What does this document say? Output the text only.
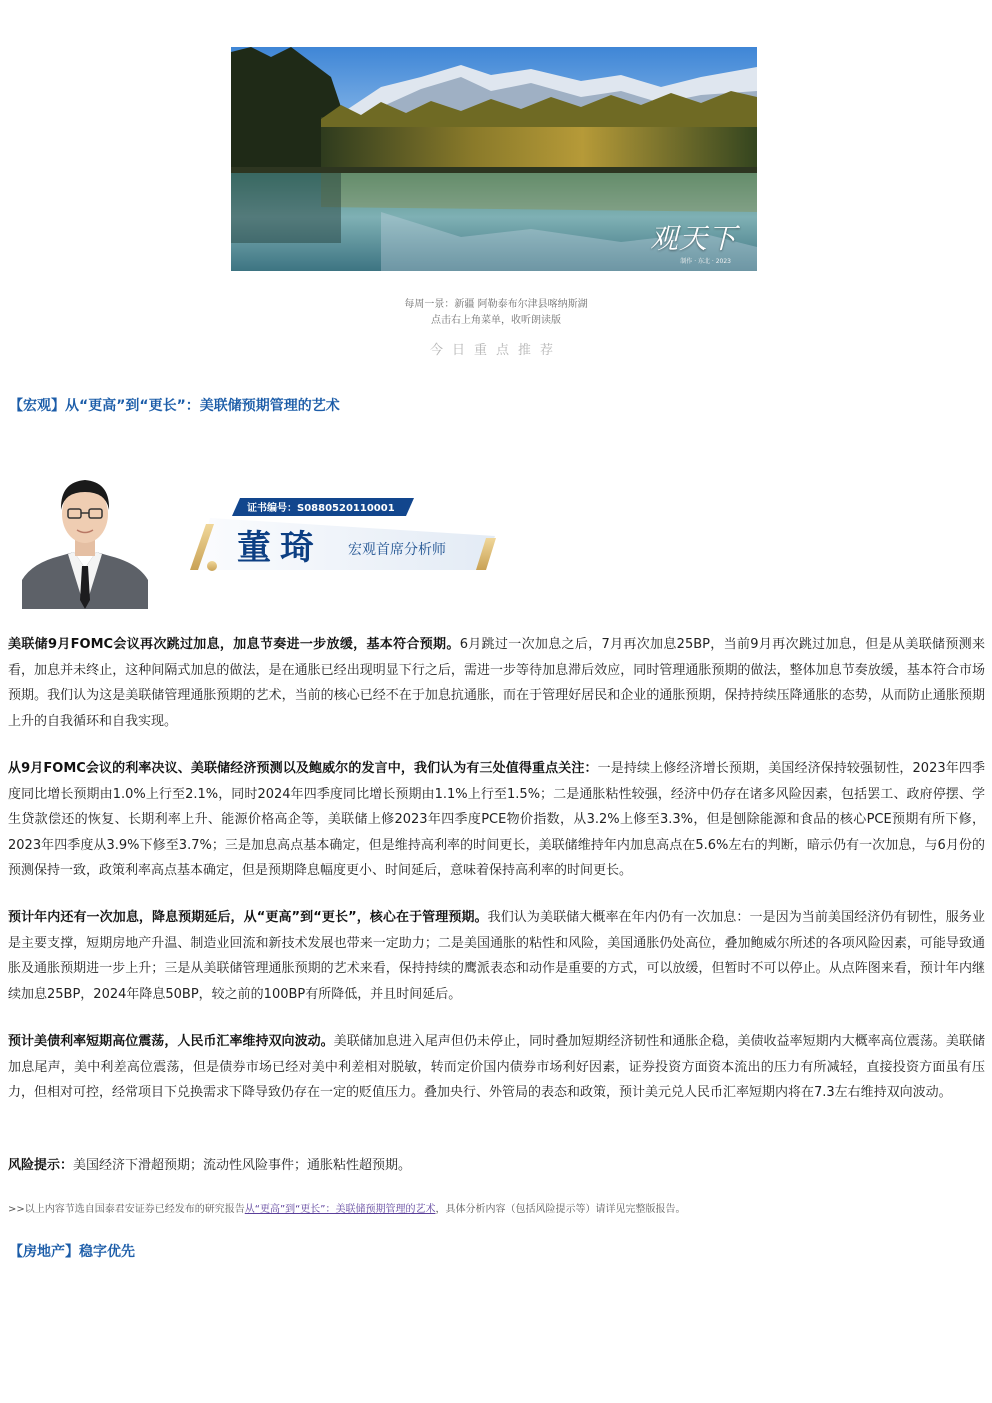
观天下
制作 · 东北 · 2023
每周一景：新疆 阿勒泰布尔津县喀纳斯湖
点击右上角菜单，收听朗读版
今日重点推荐
【宏观】从“更高”到“更长”：美联储预期管理的艺术
证书编号：S0880520110001
董琦 宏观首席分析师

美联储9月FOMC会议再次跳过加息，加息节奏进一步放缓，基本符合预期。6月跳过一次加息之后，7月再次加息25BP，当前9月再次跳过加息，但是从美联储预测来看，加息并未终止，这种间隔式加息的做法，是在通胀已经出现明显下行之后，需进一步等待加息滞后效应，同时管理通胀预期的做法，整体加息节奏放缓，基本符合市场预期。我们认为这是美联储管理通胀预期的艺术，当前的核心已经不在于加息抗通胀，而在于管理好居民和企业的通胀预期，保持持续压降通胀的态势，从而防止通胀预期上升的自我循环和自我实现。

从9月FOMC会议的利率决议、美联储经济预测以及鲍威尔的发言中，我们认为有三处值得重点关注：一是持续上修经济增长预期，美国经济保持较强韧性，2023年四季度同比增长预期由1.0%上行至2.1%，同时2024年四季度同比增长预期由1.1%上行至1.5%；二是通胀粘性较强，经济中仍存在诸多风险因素，包括罢工、政府停摆、学生贷款偿还的恢复、长期利率上升、能源价格高企等，美联储上修2023年四季度PCE物价指数，从3.2%上修至3.3%，但是刨除能源和食品的核心PCE预期有所下修，2023年四季度从3.9%下修至3.7%；三是加息高点基本确定，但是维持高利率的时间更长，美联储维持年内加息高点在5.6%左右的判断，暗示仍有一次加息，与6月份的预测保持一致，政策利率高点基本确定，但是预期降息幅度更小、时间延后，意味着保持高利率的时间更长。

预计年内还有一次加息，降息预期延后，从“更高”到“更长”，核心在于管理预期。我们认为美联储大概率在年内仍有一次加息：一是因为当前美国经济仍有韧性，服务业是主要支撑，短期房地产升温、制造业回流和新技术发展也带来一定助力；二是美国通胀的粘性和风险，美国通胀仍处高位，叠加鲍威尔所述的各项风险因素，可能导致通胀及通胀预期进一步上升；三是从美联储管理通胀预期的艺术来看，保持持续的鹰派表态和动作是重要的方式，可以放缓，但暂时不可以停止。从点阵图来看，预计年内继续加息25BP，2024年降息50BP，较之前的100BP有所降低，并且时间延后。

预计美债利率短期高位震荡，人民币汇率维持双向波动。美联储加息进入尾声但仍未停止，同时叠加短期经济韧性和通胀企稳，美债收益率短期内大概率高位震荡。美联储加息尾声，美中利差高位震荡，但是债券市场已经对美中利差相对脱敏，转而定价国内债券市场利好因素，证券投资方面资本流出的压力有所减轻，直接投资方面虽有压力，但相对可控，经常项目下兑换需求下降导致仍存在一定的贬值压力。叠加央行、外管局的表态和政策，预计美元兑人民币汇率短期内将在7.3左右维持双向波动。

风险提示：美国经济下滑超预期；流动性风险事件；通胀粘性超预期。

>>以上内容节选自国泰君安证券已经发布的研究报告从“更高”到“更长”：美联储预期管理的艺术，具体分析内容（包括风险提示等）请详见完整版报告。
【房地产】稳字优先
